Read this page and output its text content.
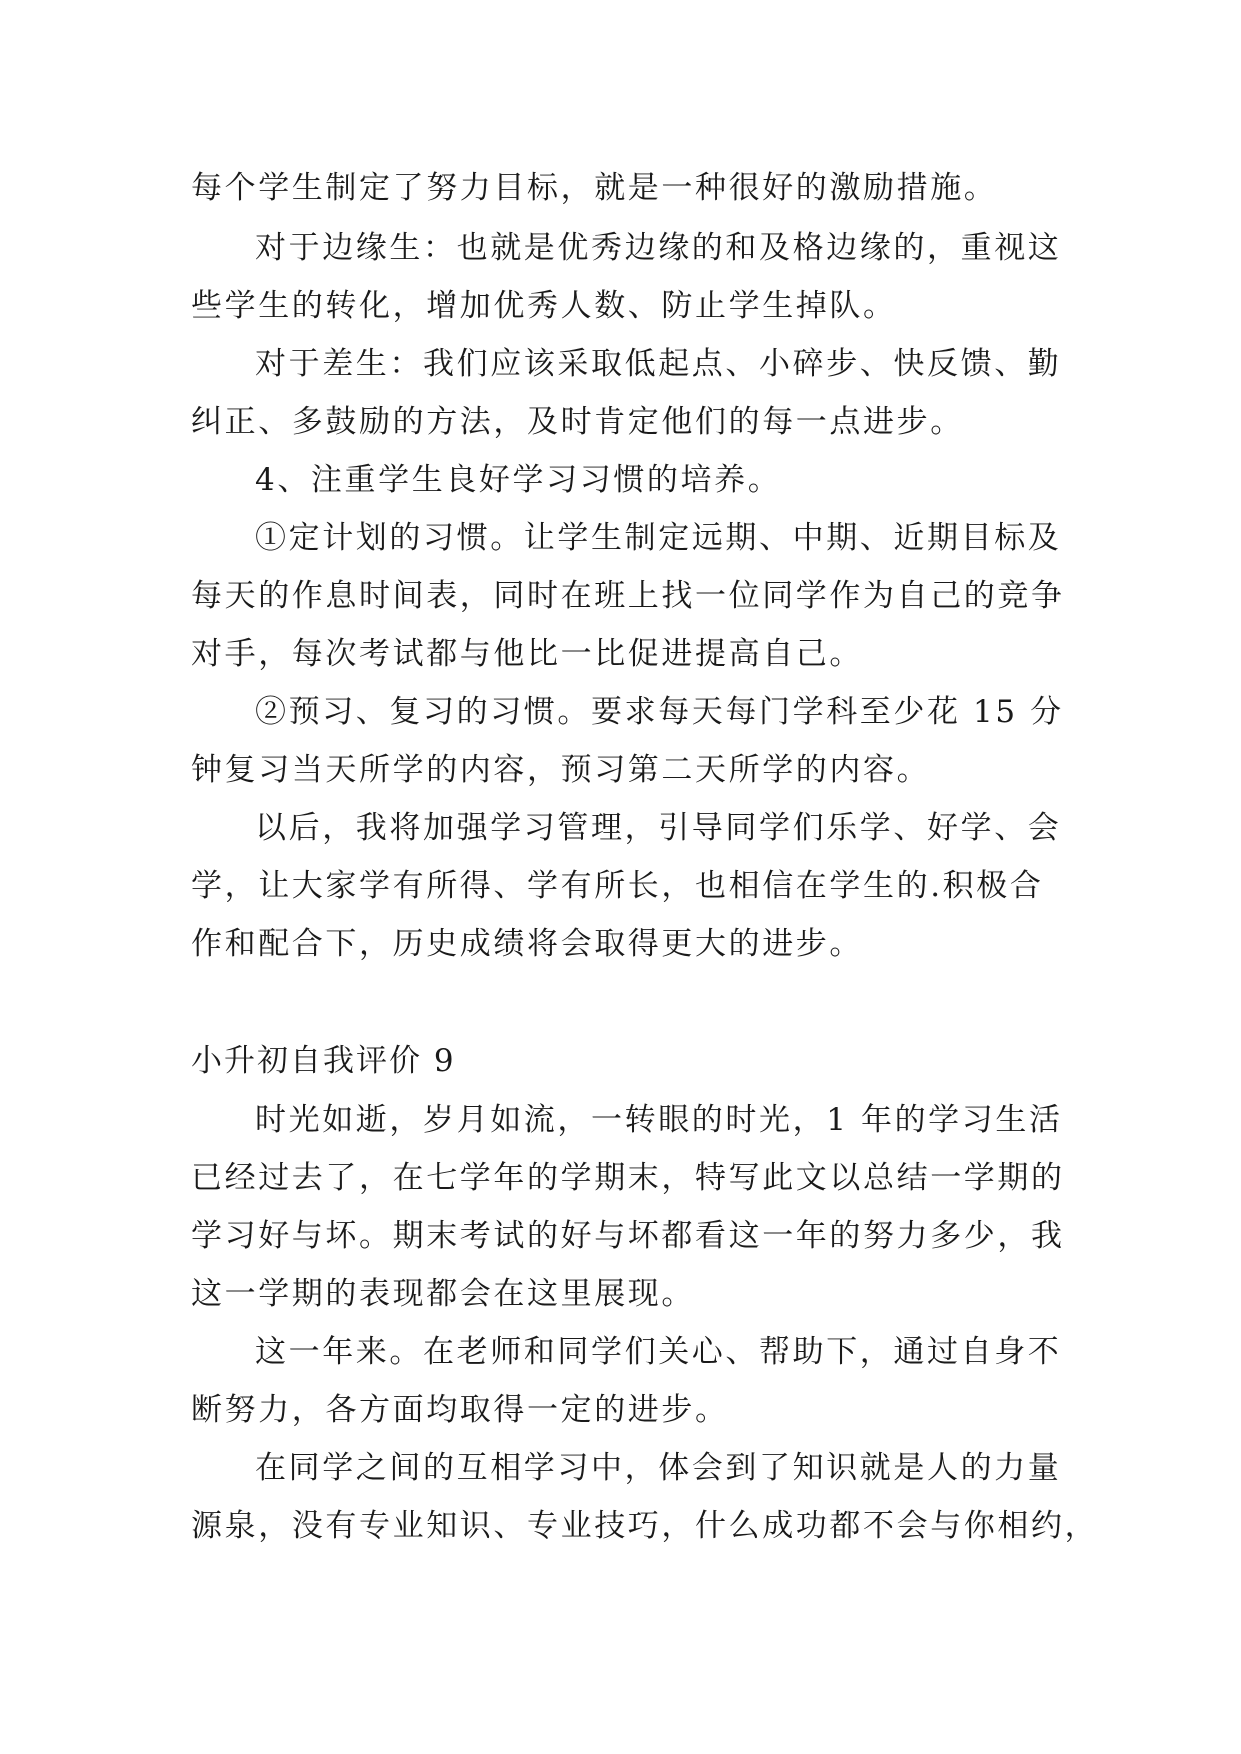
每个学生制定了努力目标，就是一种很好的激励措施。
对于边缘生：也就是优秀边缘的和及格边缘的，重视这
些学生的转化，增加优秀人数、防止学生掉队。
对于差生：我们应该采取低起点、小碎步、快反馈、勤
纠正、多鼓励的方法，及时肯定他们的每一点进步。
4、注重学生良好学习习惯的培养。
①定计划的习惯。让学生制定远期、中期、近期目标及
每天的作息时间表，同时在班上找一位同学作为自己的竞争
对手，每次考试都与他比一比促进提高自己。
②预习、复习的习惯。要求每天每门学科至少花 15 分
钟复习当天所学的内容，预习第二天所学的内容。
以后，我将加强学习管理，引导同学们乐学、好学、会
学，让大家学有所得、学有所长，也相信在学生的.积极合
作和配合下，历史成绩将会取得更大的进步。
小升初自我评价 9
时光如逝，岁月如流，一转眼的时光，1 年的学习生活
已经过去了，在七学年的学期末，特写此文以总结一学期的
学习好与坏。期末考试的好与坏都看这一年的努力多少，我
这一学期的表现都会在这里展现。
这一年来。在老师和同学们关心、帮助下，通过自身不
断努力，各方面均取得一定的进步。
在同学之间的互相学习中，体会到了知识就是人的力量
源泉，没有专业知识、专业技巧，什么成功都不会与你相约，
